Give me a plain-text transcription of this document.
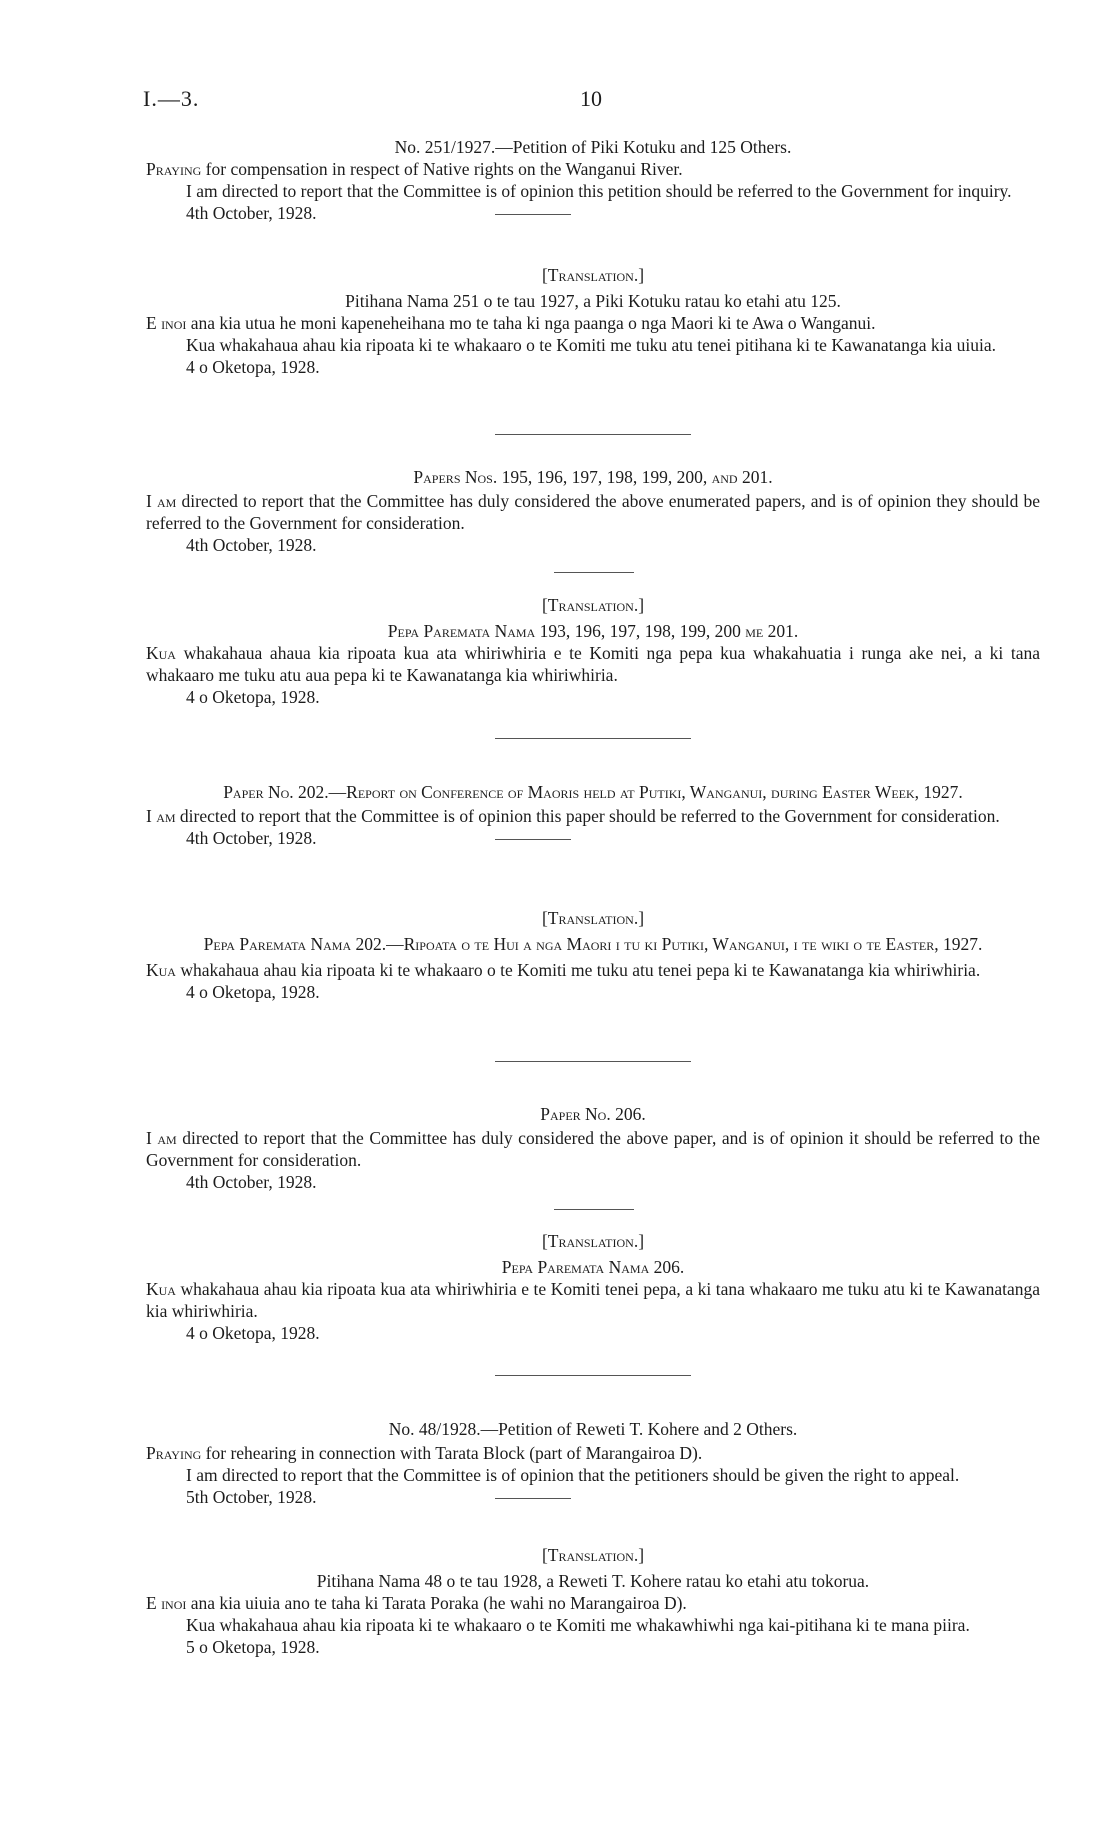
I.—3.	10

No. 251/1927.—Petition of Piki Kotuku and 125 Others.

Praying for compensation in respect of Native rights on the Wanganui River.

I am directed to report that the Committee is of opinion this petition should be referred to the Government for inquiry.

4th October, 1928.

[Translation.]

Pitihana Nama 251 o te tau 1927, a Piki Kotuku ratau ko etahi atu 125.

E inoi ana kia utua he moni kapeneheihana mo te taha ki nga paanga o nga Maori ki te Awa o Wanganui.

Kua whakahaua ahau kia ripoata ki te whakaaro o te Komiti me tuku atu tenei pitihana ki te Kawanatanga kia uiuia.

4 o Oketopa, 1928.

Papers Nos. 195, 196, 197, 198, 199, 200, and 201.

I am directed to report that the Committee has duly considered the above enumerated papers, and is of opinion they should be referred to the Government for consideration.

4th October, 1928.

[Translation.]

Pepa Paremata Nama 193, 196, 197, 198, 199, 200 me 201.

Kua whakahaua ahaua kia ripoata kua ata whiriwhiria e te Komiti nga pepa kua whakahuatia i runga ake nei, a ki tana whakaaro me tuku atu aua pepa ki te Kawanatanga kia whiriwhiria.

4 o Oketopa, 1928.

Paper No. 202.—Report on Conference of Maoris held at Putiki, Wanganui, during Easter Week, 1927.

I am directed to report that the Committee is of opinion this paper should be referred to the Government for consideration.

4th October, 1928.

[Translation.]

Pepa Paremata Nama 202.—Ripoata o te Hui a nga Maori i tu ki Putiki, Wanganui, i te wiki o te Easter, 1927.

Kua whakahaua ahau kia ripoata ki te whakaaro o te Komiti me tuku atu tenei pepa ki te Kawanatanga kia whiriwhiria.

4 o Oketopa, 1928.

Paper No. 206.

I am directed to report that the Committee has duly considered the above paper, and is of opinion it should be referred to the Government for consideration.

4th October, 1928.

[Translation.]

Pepa Paremata Nama 206.

Kua whakahaua ahau kia ripoata kua ata whiriwhiria e te Komiti tenei pepa, a ki tana whakaaro me tuku atu ki te Kawanatanga kia whiriwhiria.

4 o Oketopa, 1928.

No. 48/1928.—Petition of Reweti T. Kohere and 2 Others.

Praying for rehearing in connection with Tarata Block (part of Marangairoa D).

I am directed to report that the Committee is of opinion that the petitioners should be given the right to appeal.

5th October, 1928.

[Translation.]

Pitihana Nama 48 o te tau 1928, a Reweti T. Kohere ratau ko etahi atu tokorua.

E inoi ana kia uiuia ano te taha ki Tarata Poraka (he wahi no Marangairoa D).

Kua whakahaua ahau kia ripoata ki te whakaaro o te Komiti me whakawhiwhi nga kai-pitihana ki te mana piira.

5 o Oketopa, 1928.
